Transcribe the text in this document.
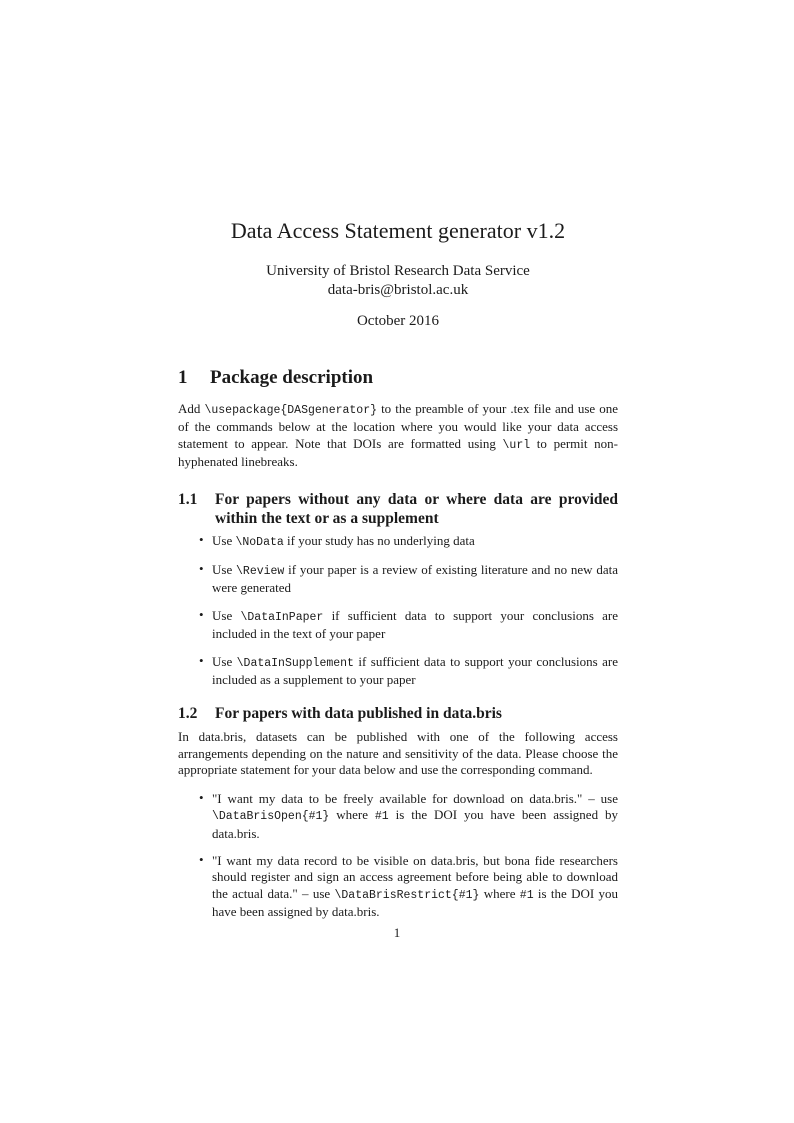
Data Access Statement generator v1.2
University of Bristol Research Data Service
data-bris@bristol.ac.uk
October 2016
1	Package description

Add \usepackage{DASgenerator} to the preamble of your .tex file and use one of the commands below at the location where you would like your data access statement to appear. Note that DOIs are formatted using \url to permit non-hyphenated linebreaks.

1.1	For papers without any data or where data are provided within the text or as a supplement
• Use \NoData if your study has no underlying data
• Use \Review if your paper is a review of existing literature and no new data were generated
• Use \DataInPaper if sufficient data to support your conclusions are included in the text of your paper
• Use \DataInSupplement if sufficient data to support your conclusions are included as a supplement to your paper
1.2	For papers with data published in data.bris

In data.bris, datasets can be published with one of the following access arrangements depending on the nature and sensitivity of the data. Please choose the appropriate statement for your data below and use the corresponding command.

• "I want my data to be freely available for download on data.bris." – use \DataBrisOpen{#1} where #1 is the DOI you have been assigned by data.bris.
• "I want my data record to be visible on data.bris, but bona fide researchers should register and sign an access agreement before being able to download the actual data." – use \DataBrisRestrict{#1} where #1 is the DOI you have been assigned by data.bris.
1
